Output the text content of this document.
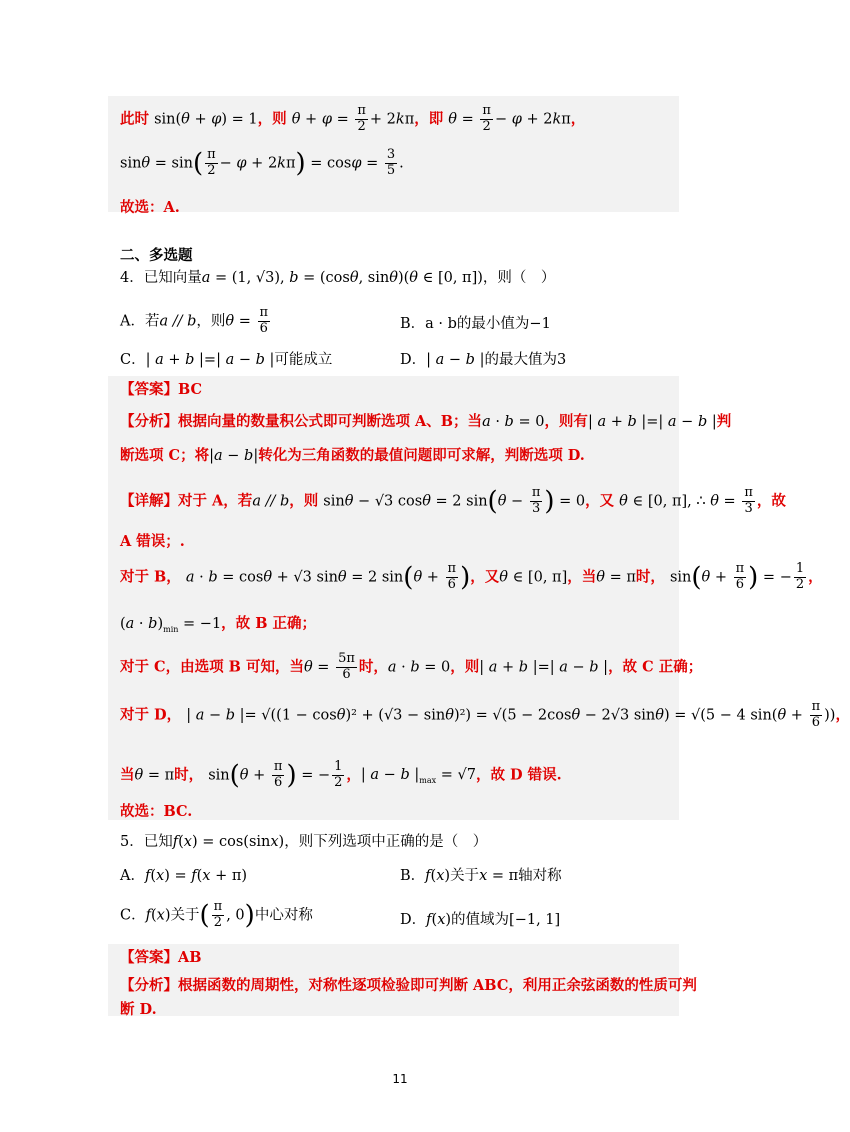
此时 sin(θ + φ) = 1，则 $\theta + \varphi = \frac{\pi}{2} + 2k\pi$，即 $\theta = \frac{\pi}{2} - \varphi + 2k\pi$，
$\sin\theta = \sin( \frac{\pi}{2} - \varphi + 2k\pi) = \cos\varphi = \frac{3}{5}$ .
故选：A.
二、多选题
4．已知向量a = (1, √3), b = (cosθ, sinθ)(θ ∈ [0, π])，则（　）
A．若a // b，则$\theta = \frac{\pi}{6}$	B．a · b的最小值为−1
C．| a + b |=| a − b |可能成立	D．| a − b |的最大值为3
【答案】BC
【分析】根据向量的数量积公式即可判断选项 A、B；当a · b = 0，则有| a + b |=| a − b |判
断选项 C；将|a − b|转化为三角函数的最值问题即可求解，判断选项 D.
【详解】对于 A，若a // b，则 sinθ − √3 cosθ = 2 $\sin(\theta - \frac{\pi}{3}$ ) = 0，又 θ ∈ [0, π], ∴ $\theta = \frac{\pi}{3}$ ，故
A 错误；.
对于 B， a · b = cosθ + √3 sinθ = 2 $\sin(\theta + \frac{\pi}{6}$ )，又θ ∈ [0, π]，当θ = π时， $\sin(\theta + \frac{\pi}{6}$ ) = − $\frac{1}{2}$ ，
$(a \cdot b)_{min} = -1$，故 B 正确；
对于 C，由选项 B 可知，当$\theta = \frac{5\pi}{6}$ 时，a · b = 0，则| a + b |=| a − b |，故 C 正确；
对于 D， | a − b |= √((1 − cosθ)² + (√3 − sinθ)²) = √(5 − 2cosθ − 2√3 sinθ) = √(5 − 4 $\sin(\theta + \frac{\pi}{6}$ ))，
当θ = π时， $\sin(\theta + \frac{\pi}{6}$ ) = − $\frac{1}{2}$ ，| a − b $|_{max} = √7$，故 D 错误.
故选：BC.
5．已知f(x) = cos(sinx)，则下列选项中正确的是（　）
A．f(x) = f(x + π)	B．f(x)关于x = π轴对称
C．f(x)关于( $\frac{\pi}{2}$ , 0)中心对称	D．f(x)的值域为[−1, 1]
【答案】AB
【分析】根据函数的周期性，对称性逐项检验即可判断 ABC，利用正余弦函数的性质可判
断 D.
11
